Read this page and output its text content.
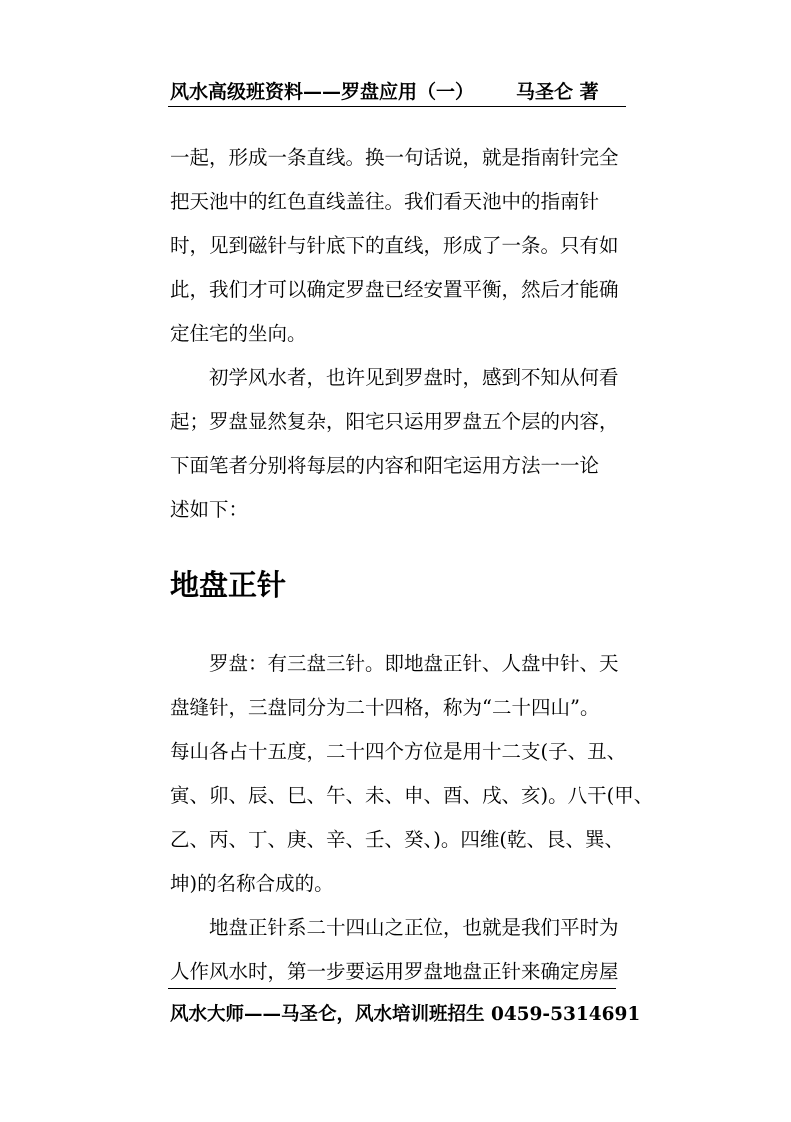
风水高级班资料——罗盘应用（一） 马圣仑 著
一起，形成一条直线。换一句话说，就是指南针完全
把天池中的红色直线盖往。我们看天池中的指南针
时，见到磁针与针底下的直线，形成了一条。只有如
此，我们才可以确定罗盘已经安置平衡，然后才能确
定住宅的坐向。
初学风水者，也许见到罗盘时，感到不知从何看
起；罗盘显然复杂，阳宅只运用罗盘五个层的内容，
下面笔者分别将每层的内容和阳宅运用方法一一论
述如下：
地盘正针
罗盘：有三盘三针。即地盘正针、人盘中针、天
盘缝针，三盘同分为二十四格，称为“二十四山”。
每山各占十五度，二十四个方位是用十二支(子、丑、
寅、卯、辰、巳、午、未、申、酉、戌、亥)。八干(甲、
乙、丙、丁、庚、辛、壬、癸、)。四维(乾、艮、巽、
坤)的名称合成的。
地盘正针系二十四山之正位，也就是我们平时为
人作风水时，第一步要运用罗盘地盘正针来确定房屋
风水大师——马圣仑，风水培训班招生 0459-5314691
